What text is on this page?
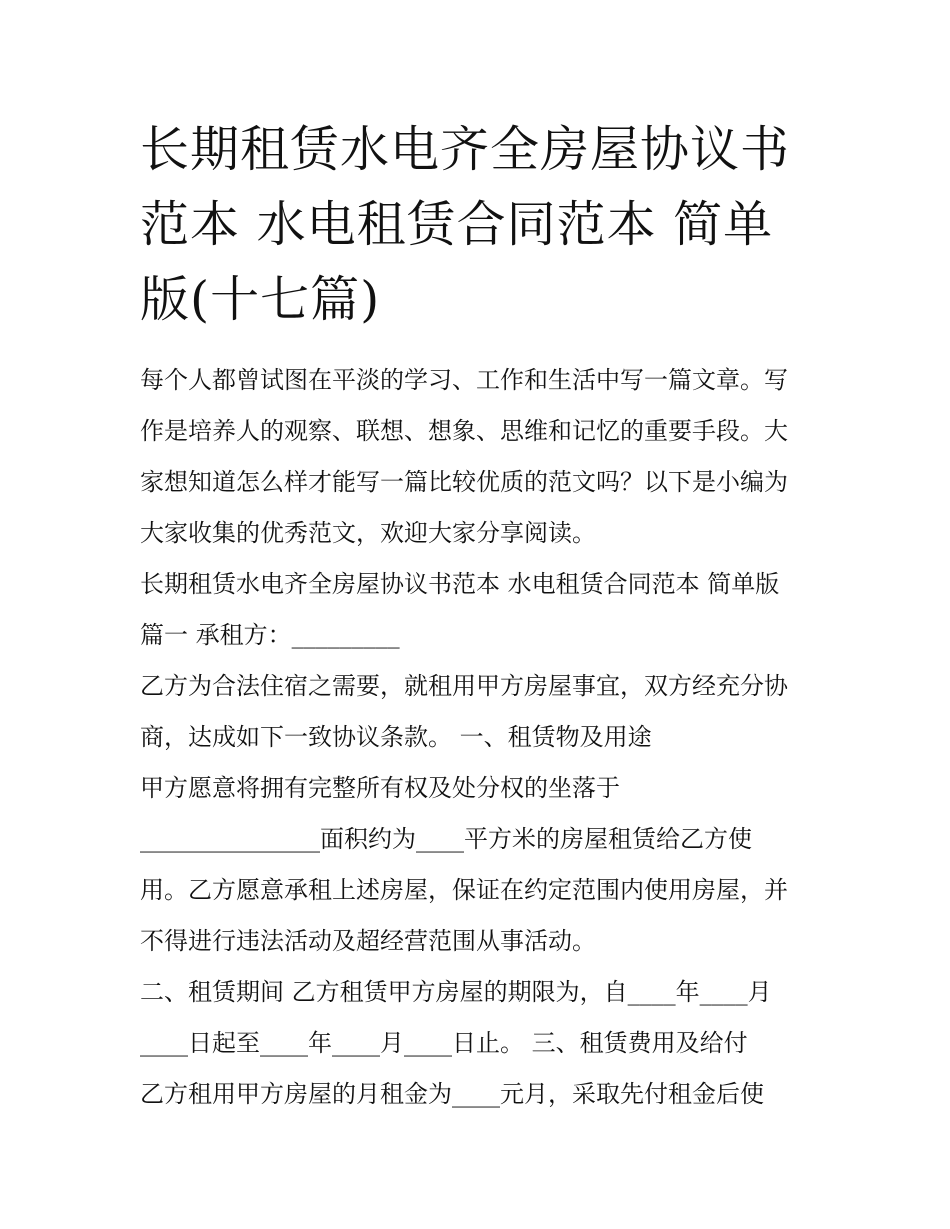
长期租赁水电齐全房屋协议书
范本 水电租赁合同范本 简单
版(十七篇)
每个人都曾试图在平淡的学习、工作和生活中写一篇文章。写
作是培养人的观察、联想、想象、思维和记忆的重要手段。大
家想知道怎么样才能写一篇比较优质的范文吗？以下是小编为
大家收集的优秀范文，欢迎大家分享阅读。
长期租赁水电齐全房屋协议书范本 水电租赁合同范本 简单版
篇一 承租方：_________
乙方为合法住宿之需要，就租用甲方房屋事宜，双方经充分协
商，达成如下一致协议条款。 一、租赁物及用途
甲方愿意将拥有完整所有权及处分权的坐落于
_______________面积约为____平方米的房屋租赁给乙方使
用。乙方愿意承租上述房屋，保证在约定范围内使用房屋，并
不得进行违法活动及超经营范围从事活动。
二、租赁期间 乙方租赁甲方房屋的期限为，自____年____月
____日起至____年____月____日止。 三、租赁费用及给付
乙方租用甲方房屋的月租金为____元月，采取先付租金后使
